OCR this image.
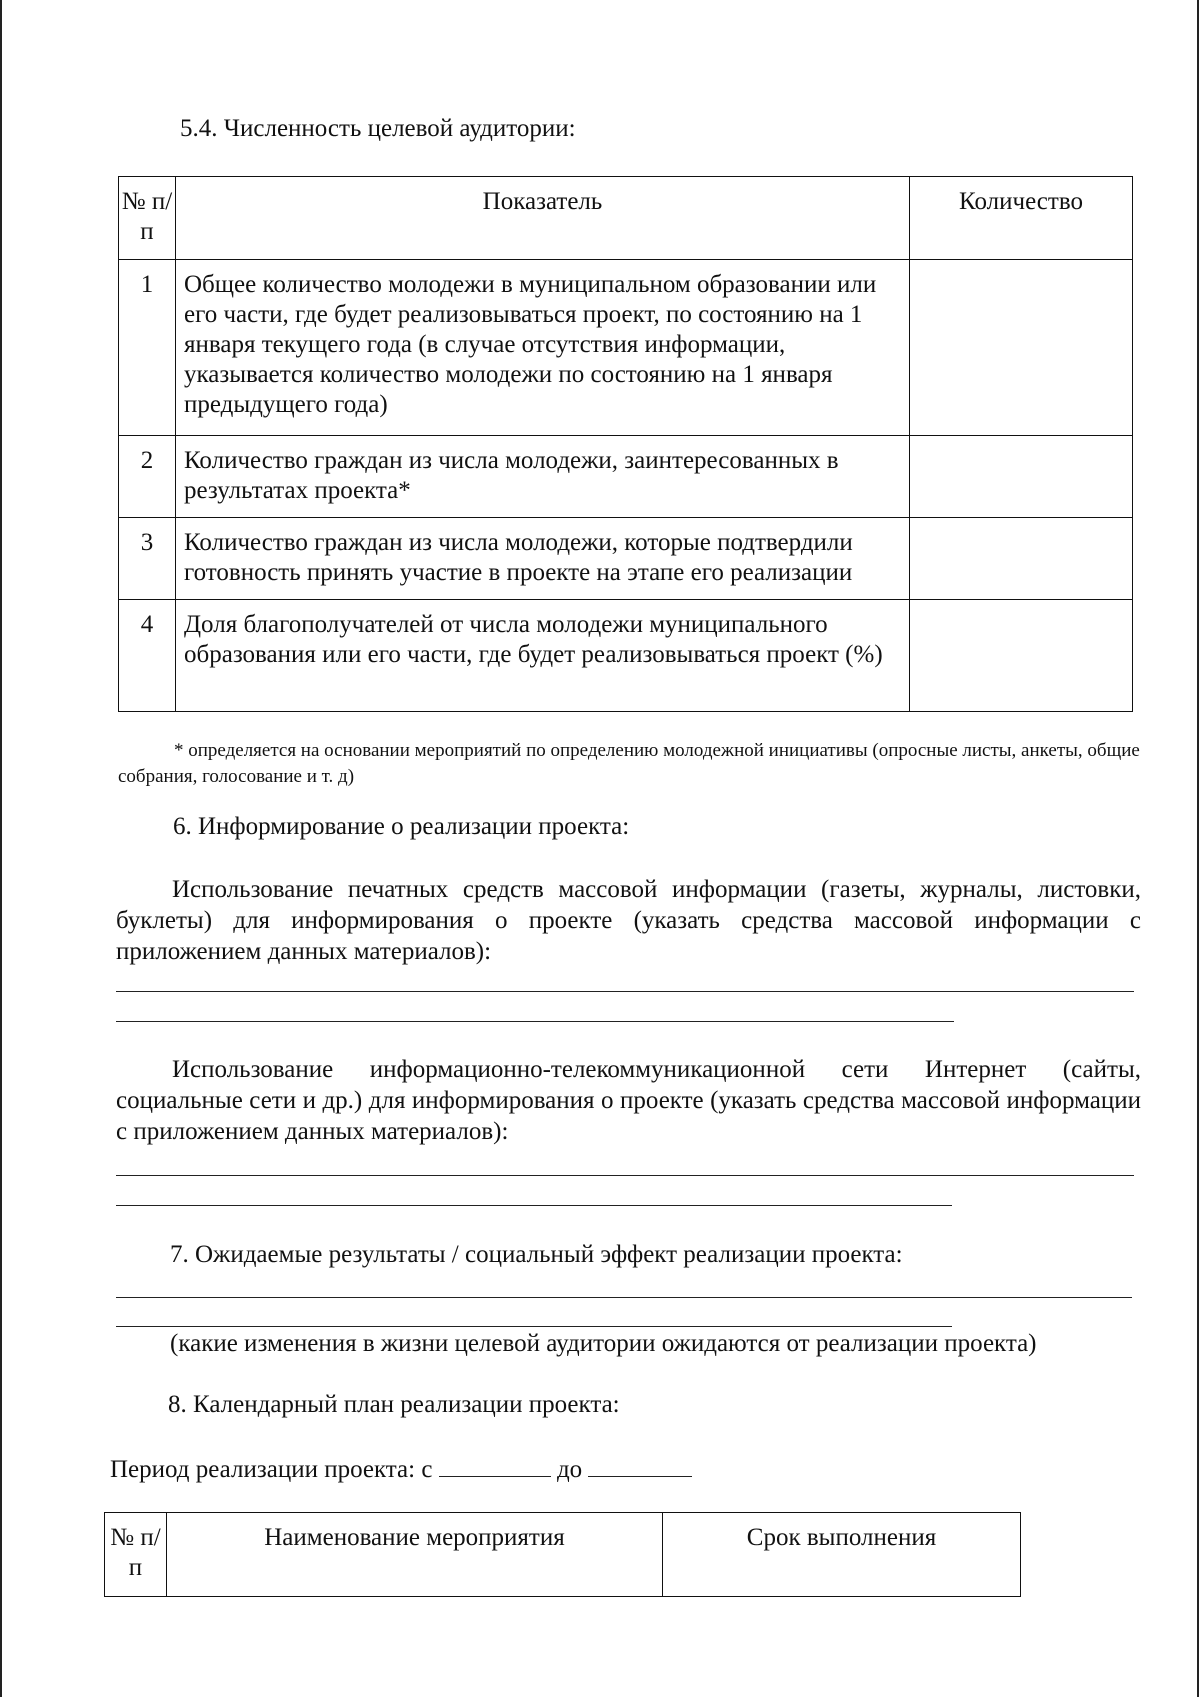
5.4. Численность целевой аудитории:
№ п/п	Показатель	Количество
1	Общее количество молодежи в муниципальном образовании или его части, где будет реализовываться проект, по состоянию на 1 января текущего года (в случае отсутствия информации, указывается количество молодежи по состоянию на 1 января предыдущего года)	
2	Количество граждан из числа молодежи, заинтересованных в результатах проекта*	
3	Количество граждан из числа молодежи, которые подтвердили готовность принять участие в проекте на этапе его реализации	
4	Доля благополучателей от числа молодежи муниципального образования или его части, где будет реализовываться проект (%)	
* определяется на основании мероприятий по определению молодежной инициативы (опросные листы, анкеты, общие собрания, голосование и т. д)
6. Информирование о реализации проекта:
Использование печатных средств массовой информации (газеты, журналы, листовки, буклеты) для информирования о проекте (указать средства массовой информации с приложением данных материалов):
Использование информационно-телекоммуникационной сети Интернет (сайты, социальные сети и др.) для информирования о проекте (указать средства массовой информации с приложением данных материалов):
7. Ожидаемые результаты / социальный эффект реализации проекта:
(какие изменения в жизни целевой аудитории ожидаются от реализации проекта)
8. Календарный план реализации проекта:
Период реализации проекта: с	до
№ п/п	Наименование мероприятия	Срок выполнения
